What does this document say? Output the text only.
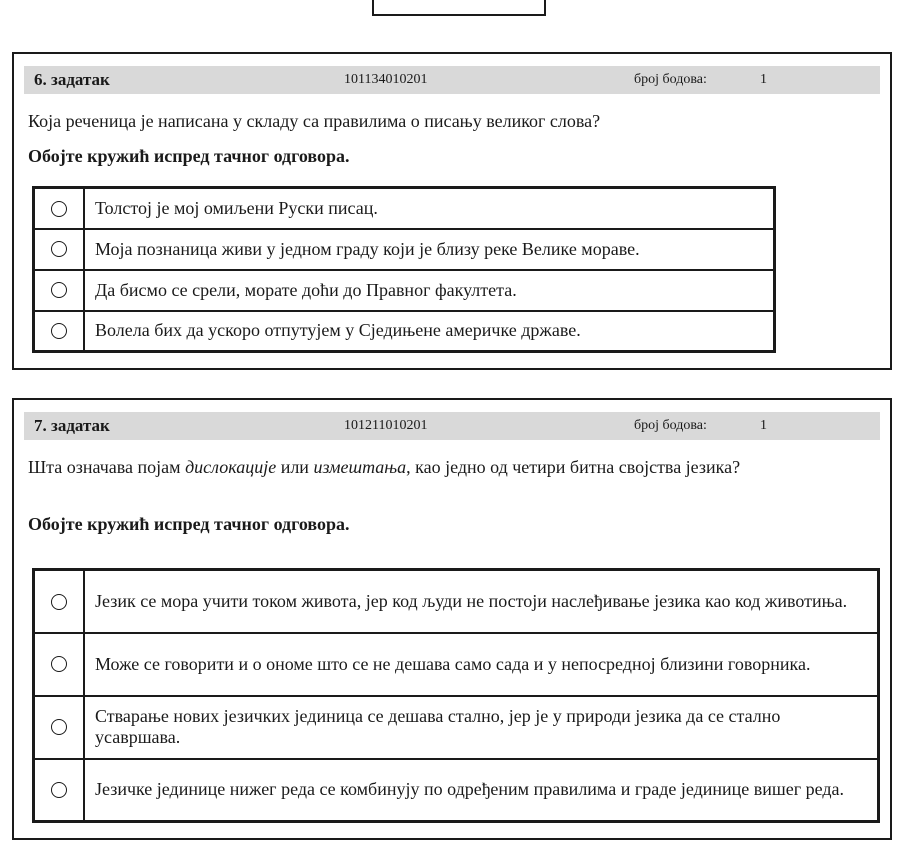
6. задатак	101134010201	број бодова:	1
Која реченица је написана у складу са правилима о писању великог слова?
Обојте кружић испред тачног одговора.
	Толстој је мој омиљени Руски писац.
	Моја познаница живи у једном граду који је близу реке Велике мораве.
	Да бисмо се срели, морате доћи до Правног факултета.
	Волела бих да ускоро отпутујем у Сједињене америчке државе.
7. задатак	101211010201	број бодова:	1
Шта означава појам дислокације или измештања, као једно од четири битна својства језика?
Обојте кружић испред тачног одговора.
	Језик се мора учити током живота, јер код људи не постоји наслеђивање језика као код животиња.
	Може се говорити и о ономе што се не дешава само сада и у непосредној близини говорника.
	Стварање нових језичких јединица се дешава стално, јер је у природи језика да се стално усавршава.
	Језичке јединице нижег реда се комбинују по одређеним правилима и граде јединице вишег реда.
